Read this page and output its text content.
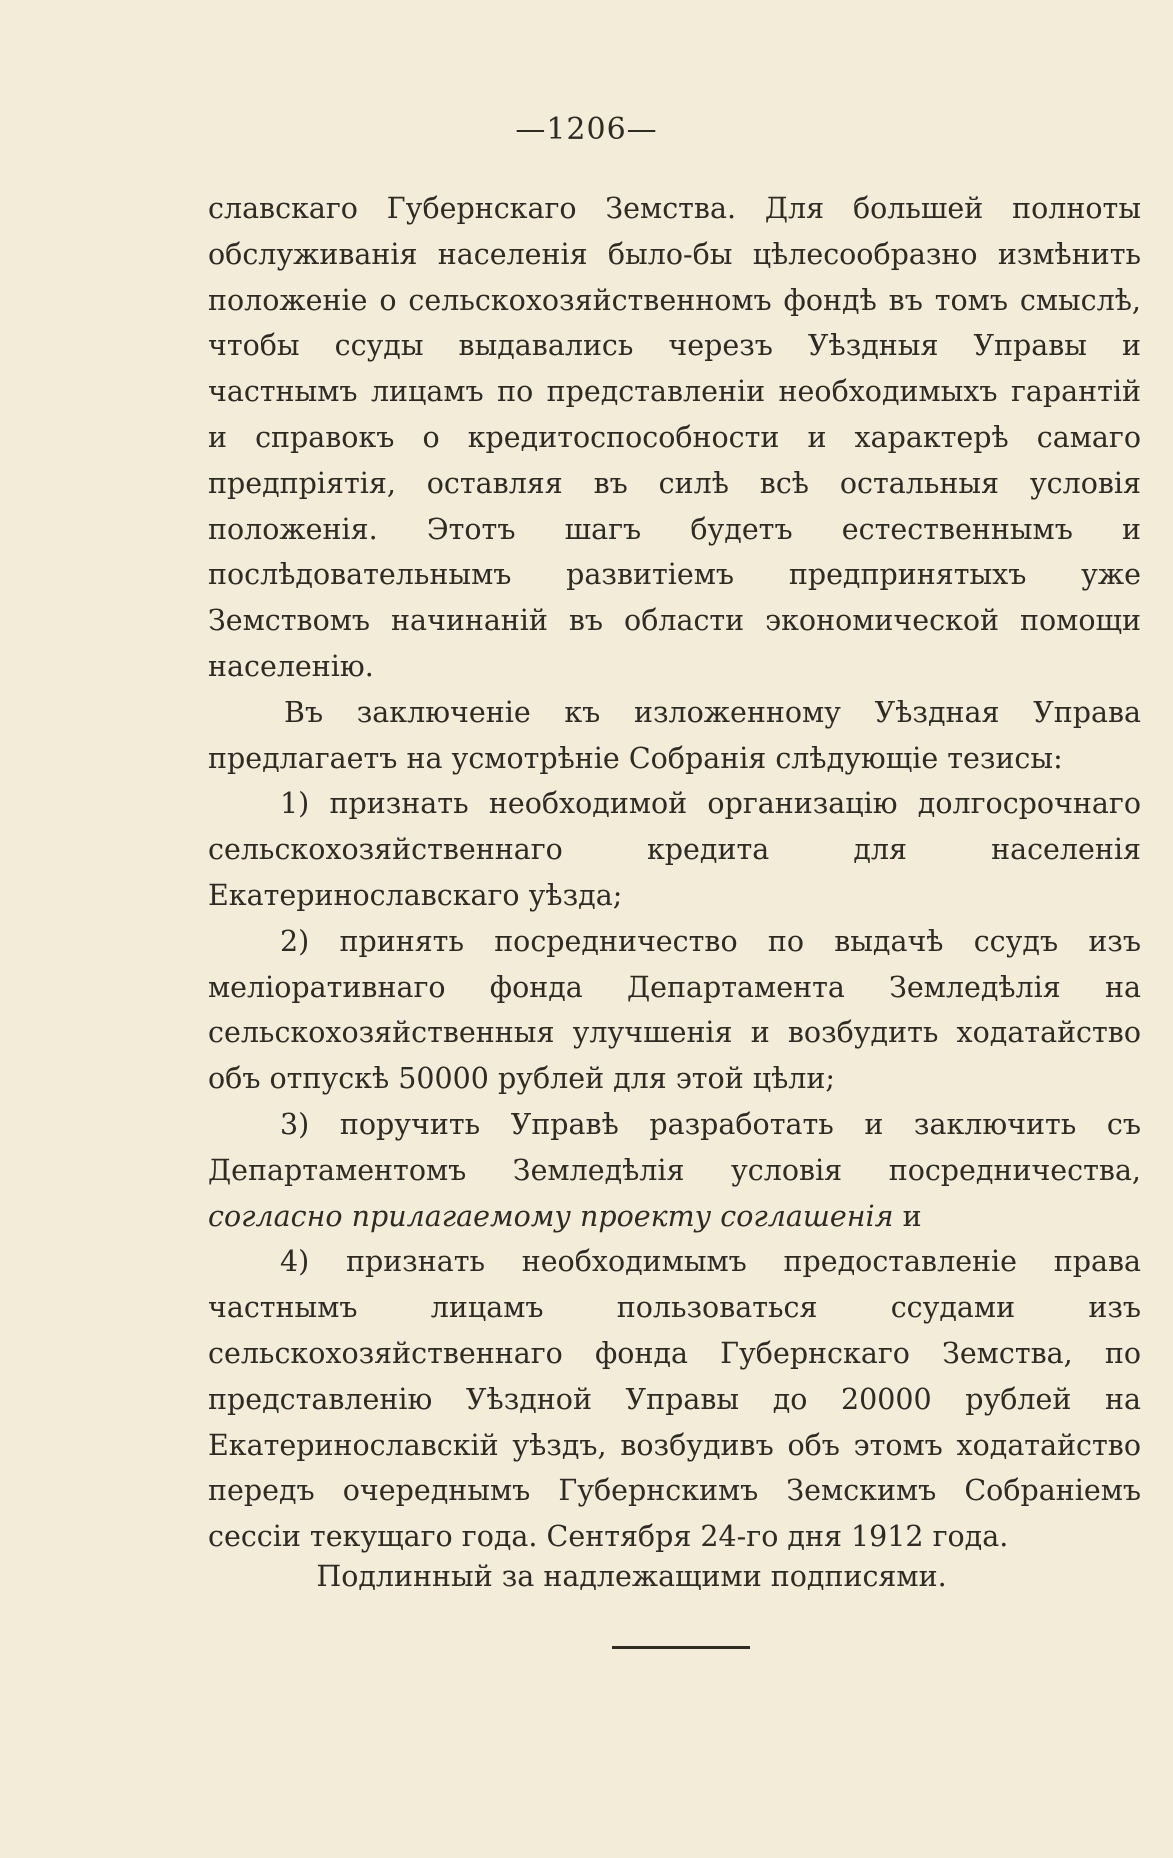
—1206—

славскаго Губернскаго Земства. Для большей полноты обслуживанія населенія было-бы цѣлесообразно измѣнить положеніе о сельскохозяйственномъ фондѣ въ томъ смыслѣ, чтобы ссуды выдавались черезъ Уѣздныя Управы и частнымъ лицамъ по представленіи необходимыхъ гарантій и справокъ о кредитоспособности и характерѣ самаго предпріятія, оставляя въ силѣ всѣ остальныя условія положенія. Этотъ шагъ будетъ естественнымъ и послѣдовательнымъ развитіемъ предпринятыхъ уже Земствомъ начинаній въ области экономической помощи населенію.

Въ заключеніе къ изложенному Уѣздная Управа предлагаетъ на усмотрѣніе Собранія слѣдующіе тезисы:

1) признать необходимой организацію долгосрочнаго сельскохозяйственнаго кредита для населенія Екатеринославскаго уѣзда;

2) принять посредничество по выдачѣ ссудъ изъ меліоративнаго фонда Департамента Земледѣлія на сельскохозяйственныя улучшенія и возбудить ходатайство объ отпускѣ 50000 рублей для этой цѣли;

3) поручить Управѣ разработать и заключить съ Департаментомъ Земледѣлія условія посредничества, согласно прилагаемому проекту соглашенія и

4) признать необходимымъ предоставленіе права частнымъ лицамъ пользоваться ссудами изъ сельскохозяйственнаго фонда Губернскаго Земства, по представленію Уѣздной Управы до 20000 рублей на Екатеринославскій уѣздъ, возбудивъ объ этомъ ходатайство передъ очереднымъ Губернскимъ Земскимъ Собраніемъ сессіи текущаго года. Сентября 24-го дня 1912 года.

Подлинный за надлежащими подписями.
